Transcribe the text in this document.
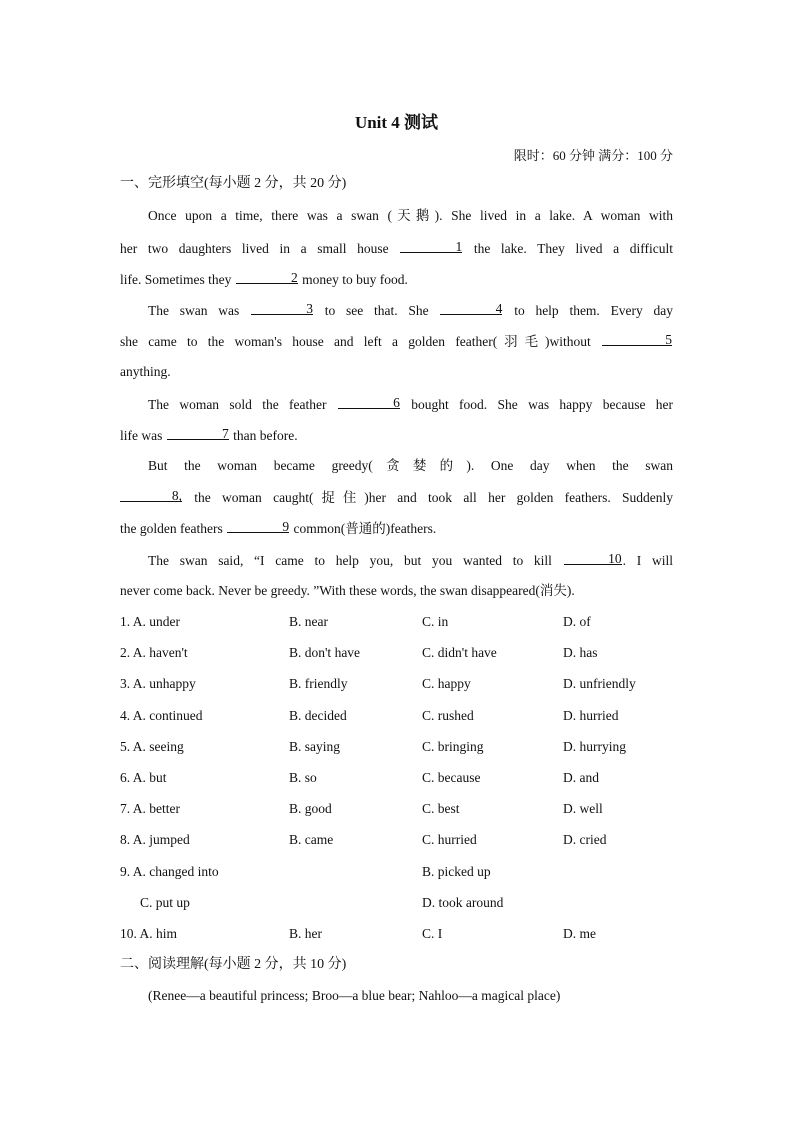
Unit 4 测试
限时：60 分钟 满分：100 分
一、完形填空(每小题 2 分，共 20 分)
Once upon a time, there was a swan (天鹅). She lived in a lake. A woman with
her two daughters lived in a small house	1 the lake. They lived a difficult
life. Sometimes they	2 money to buy food.
The swan was	3 to see that. She	4 to help them. Every day
she came to the woman's house and left a golden feather(羽毛)without	5
anything.
The woman sold the feather	6 bought food. She was happy because her
life was	7 than before.
But the woman became greedy(贪婪的). One day when the swan
8, the woman caught(捉住)her and took all her golden feathers. Suddenly
the golden feathers	9 common(普通的)feathers.
The swan said, “I came to help you, but you wanted to kill	10 . I will
never come back. Never be greedy. ”With these words, the swan disappeared(消失).
1. A. under	B. near	C. in	D. of
2. A. haven't	B. don't have	C. didn't have	D. has
3. A. unhappy	B. friendly	C. happy	D. unfriendly
4. A. continued	B. decided	C. rushed	D. hurried
5. A. seeing	B. saying	C. bringing	D. hurrying
6. A. but	B. so	C. because	D. and
7. A. better	B. good	C. best	D. well
8. A. jumped	B. came	C. hurried	D. cried
9. A. changed into	B. picked up
C. put up	D. took around
10. A. him	B. her	C. I	D. me
二、阅读理解(每小题 2 分，共 10 分)
(Renee—a beautiful princess; Broo—a blue bear; Nahloo—a magical place)
